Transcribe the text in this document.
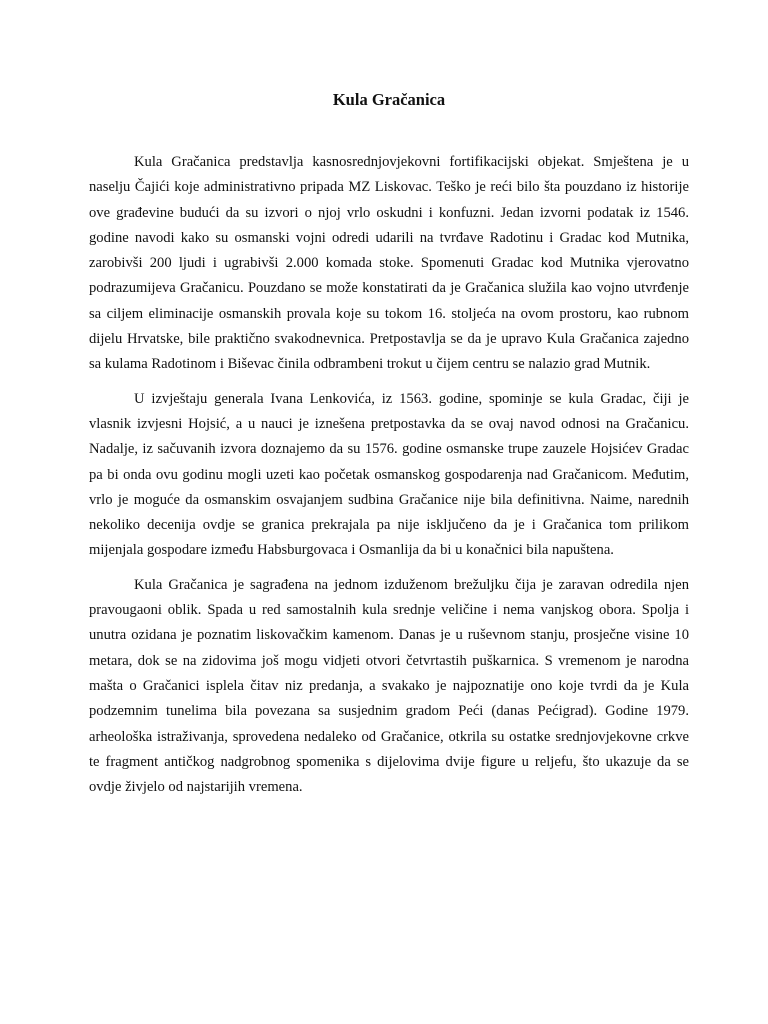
Kula Gračanica

Kula Gračanica predstavlja kasnosrednjovjekovni fortifikacijski objekat. Smještena je u naselju Čajići koje administrativno pripada MZ Liskovac. Teško je reći bilo šta pouzdano iz historije ove građevine budući da su izvori o njoj vrlo oskudni i konfuzni. Jedan izvorni podatak iz 1546. godine navodi kako su osmanski vojni odredi udarili na tvrđave Radotinu i Gradac kod Mutnika, zarobivši 200 ljudi i ugrabivši 2.000 komada stoke. Spomenuti Gradac kod Mutnika vjerovatno podrazumijeva Gračanicu. Pouzdano se može konstatirati da je Gračanica služila kao vojno utvrđenje sa ciljem eliminacije osmanskih provala koje su tokom 16. stoljeća na ovom prostoru, kao rubnom dijelu Hrvatske, bile praktično svakodnevnica. Pretpostavlja se da je upravo Kula Gračanica zajedno sa kulama Radotinom i Biševac činila odbrambeni trokut u čijem centru se nalazio grad Mutnik.

U izvještaju generala Ivana Lenkovića, iz 1563. godine, spominje se kula Gradac, čiji je vlasnik izvjesni Hojsić, a u nauci je iznešena pretpostavka da se ovaj navod odnosi na Gračanicu. Nadalje, iz sačuvanih izvora doznajemo da su 1576. godine osmanske trupe zauzele Hojsićev Gradac pa bi onda ovu godinu mogli uzeti kao početak osmanskog gospodarenja nad Gračanicom. Međutim, vrlo je moguće da osmanskim osvajanjem sudbina Gračanice nije bila definitivna. Naime, narednih nekoliko decenija ovdje se granica prekrajala pa nije isključeno da je i Gračanica tom prilikom mijenjala gospodare između Habsburgovaca i Osmanlija da bi u konačnici bila napuštena.

Kula Gračanica je sagrađena na jednom izduženom brežuljku čija je zaravan odredila njen pravougaoni oblik. Spada u red samostalnih kula srednje veličine i nema vanjskog obora. Spolja i unutra ozidana je poznatim liskovačkim kamenom. Danas je u ruševnom stanju, prosječne visine 10 metara, dok se na zidovima još mogu vidjeti otvori četvrtastih puškarnica. S vremenom je narodna mašta o Gračanici isplela čitav niz predanja, a svakako je najpoznatije ono koje tvrdi da je Kula podzemnim tunelima bila povezana sa susjednim gradom Peći (danas Pećigrad). Godine 1979. arheološka istraživanja, sprovedena nedaleko od Gračanice, otkrila su ostatke srednjovjekovne crkve te fragment antičkog nadgrobnog spomenika s dijelovima dvije figure u reljefu, što ukazuje da se ovdje živjelo od najstarijih vremena.
